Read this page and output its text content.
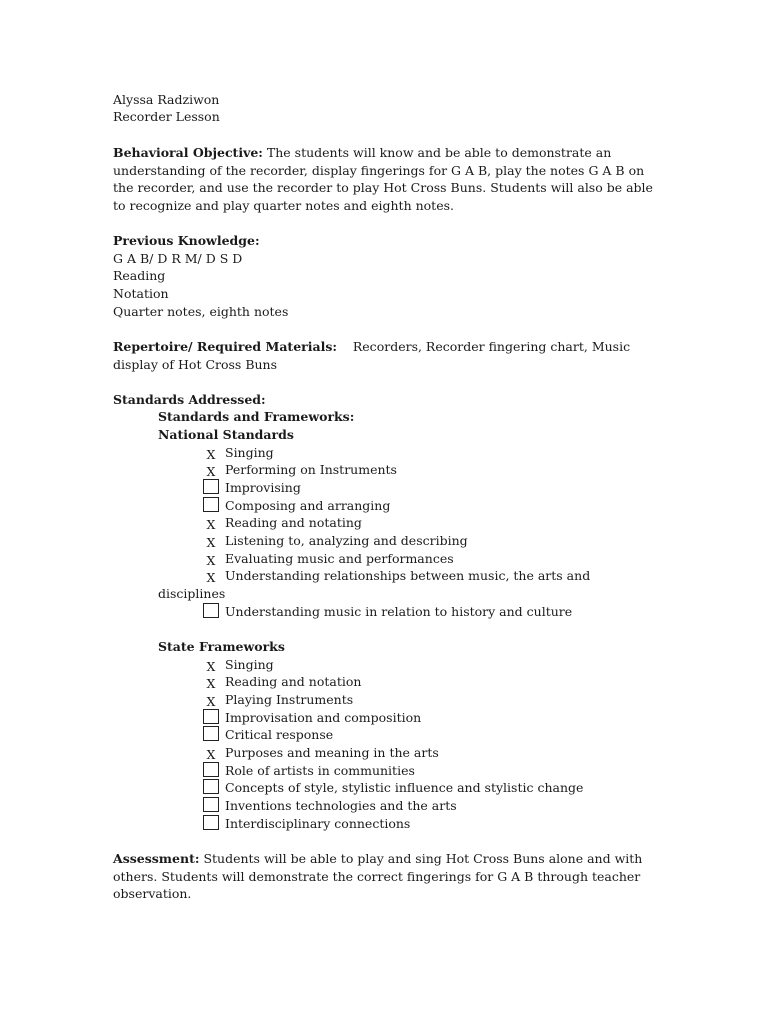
Alyssa Radziwon
Recorder Lesson
Behavioral Objective: The students will know and be able to demonstrate an
understanding of the recorder, display fingerings for G A B, play the notes G A B on
the recorder, and use the recorder to play Hot Cross Buns. Students will also be able
to recognize and play quarter notes and eighth notes.
Previous Knowledge:
G A B/ D R M/ D S D
Reading
Notation
Quarter notes, eighth notes
Repertoire/ Required Materials:    Recorders, Recorder fingering chart, Music
display of Hot Cross Buns
Standards Addressed:
Standards and Frameworks:
National Standards
X Singing
X Performing on Instruments
Improvising
Composing and arranging
X Reading and notating
X Listening to, analyzing and describing
X Evaluating music and performances
X Understanding relationships between music, the arts and
Understanding music in relation to history and culture
disciplines
State Frameworks
X Singing
X Reading and notation
X Playing Instruments
Improvisation and composition
Critical response
X Purposes and meaning in the arts
Role of artists in communities
Concepts of style, stylistic influence and stylistic change
Inventions technologies and the arts
Interdisciplinary connections
Assessment: Students will be able to play and sing Hot Cross Buns alone and with
others. Students will demonstrate the correct fingerings for G A B through teacher
observation.
